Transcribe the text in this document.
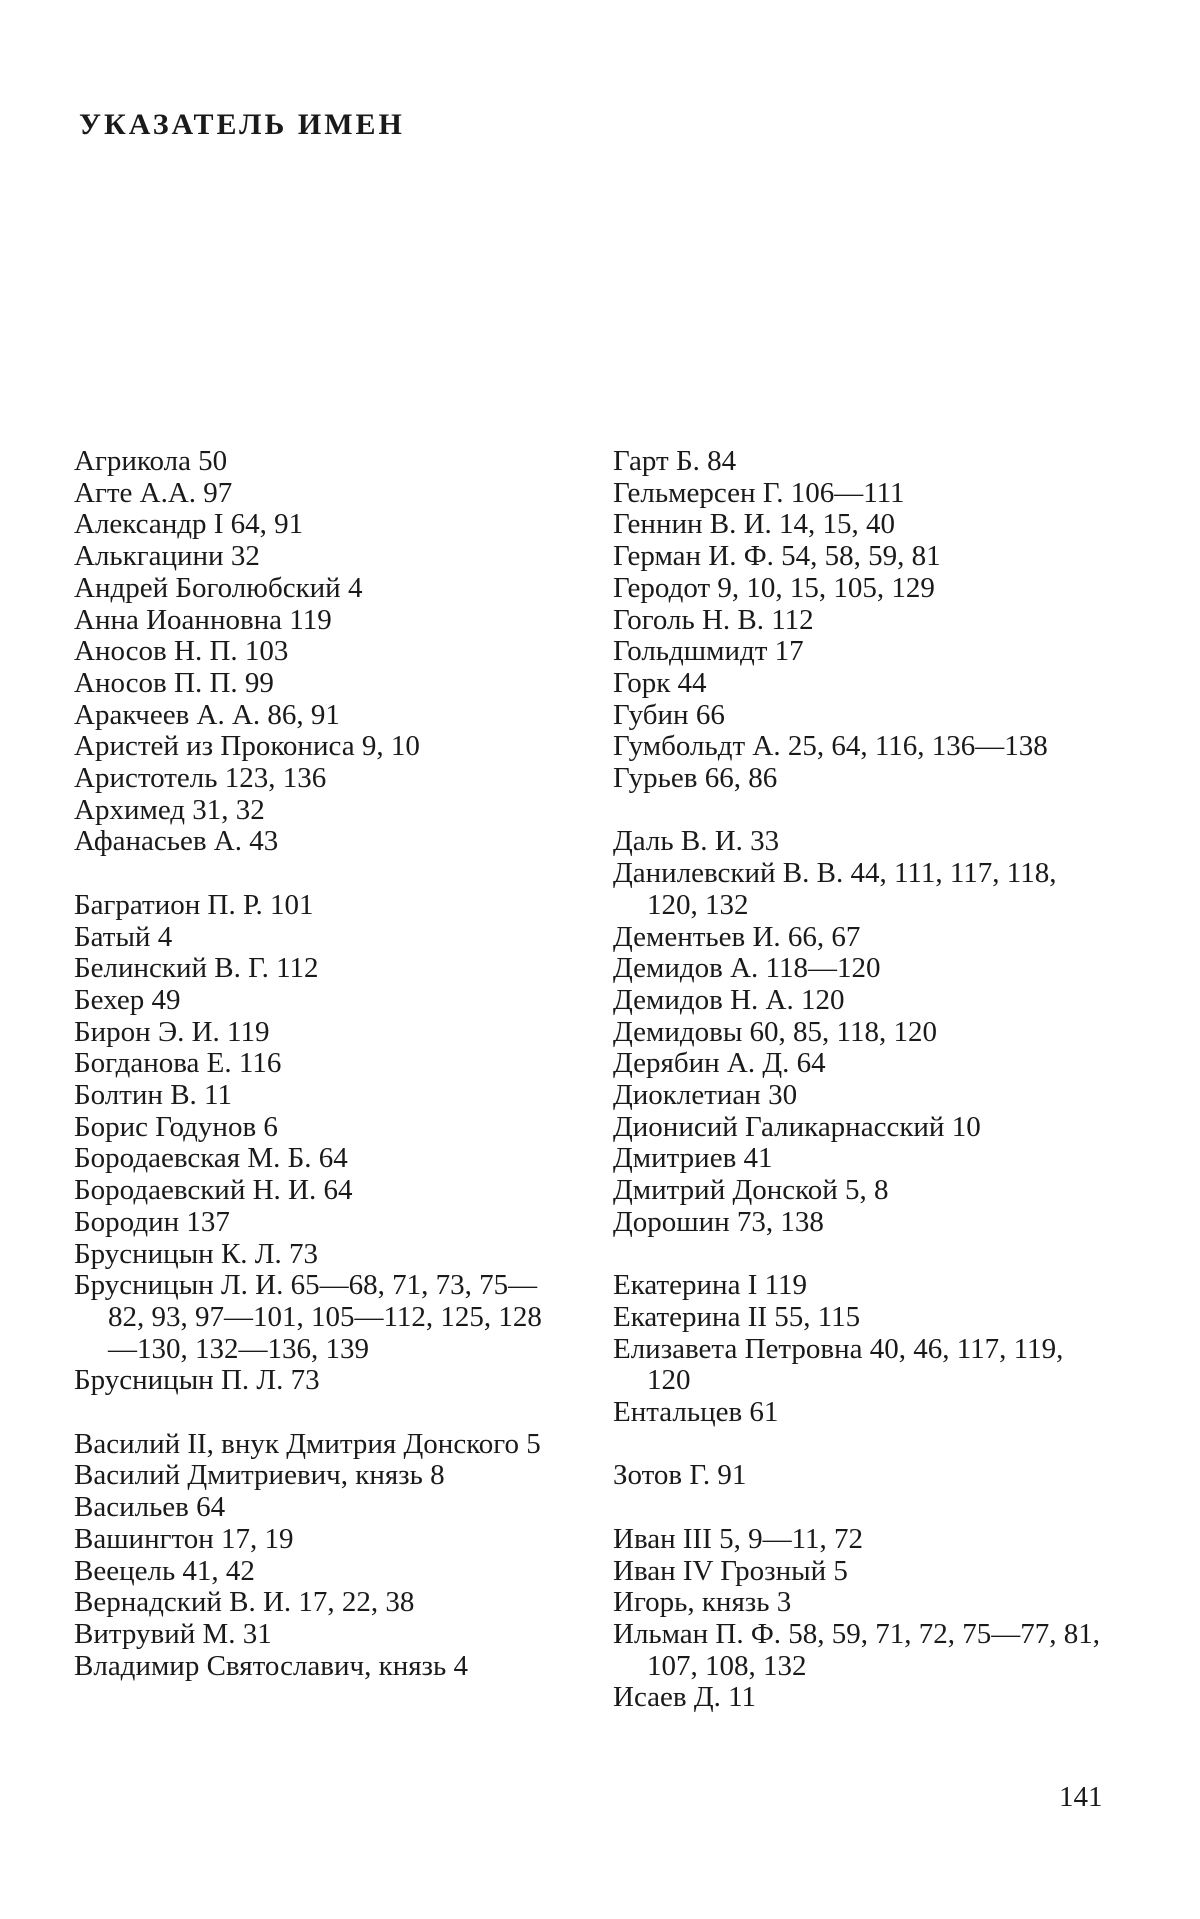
УКАЗАТЕЛЬ ИМЕН
Агрикола 50
Агте А.А. 97
Александр I 64, 91
Алькгацини 32
Андрей Боголюбский 4
Анна Иоанновна 119
Аносов Н. П. 103
Аносов П. П. 99
Аракчеев А. А. 86, 91
Аристей из Прокониса 9, 10
Аристотель 123, 136
Архимед 31, 32
Афанасьев А. 43
Багратион П. Р. 101
Батый 4
Белинский В. Г. 112
Бехер 49
Бирон Э. И. 119
Богданова Е. 116
Болтин В. 11
Борис Годунов 6
Бородаевская М. Б. 64
Бородаевский Н. И. 64
Бородин 137
Брусницын К. Л. 73
Брусницын Л. И. 65—68, 71, 73, 75—82, 93, 97—101, 105—112, 125, 128—130, 132—136, 139
Брусницын П. Л. 73
Василий II, внук Дмитрия Донского 5
Василий Дмитриевич, князь 8
Васильев 64
Вашингтон 17, 19
Веецель 41, 42
Вернадский В. И. 17, 22, 38
Витрувий М. 31
Владимир Святославич, князь 4
Гарт Б. 84
Гельмерсен Г. 106—111
Геннин В. И. 14, 15, 40
Герман И. Ф. 54, 58, 59, 81
Геродот 9, 10, 15, 105, 129
Гоголь Н. В. 112
Гольдшмидт 17
Горк 44
Губин 66
Гумбольдт А. 25, 64, 116, 136—138
Гурьев 66, 86
Даль В. И. 33
Данилевский В. В. 44, 111, 117, 118, 120, 132
Дементьев И. 66, 67
Демидов А. 118—120
Демидов Н. А. 120
Демидовы 60, 85, 118, 120
Дерябин А. Д. 64
Диоклетиан 30
Дионисий Галикарнасский 10
Дмитриев 41
Дмитрий Донской 5, 8
Дорошин 73, 138
Екатерина I 119
Екатерина II 55, 115
Елизавета Петровна 40, 46, 117, 119, 120
Ентальцев 61
Зотов Г. 91
Иван III 5, 9—11, 72
Иван IV Грозный 5
Игорь, князь 3
Ильман П. Ф. 58, 59, 71, 72, 75—77, 81, 107, 108, 132
Исаев Д. 11
141
